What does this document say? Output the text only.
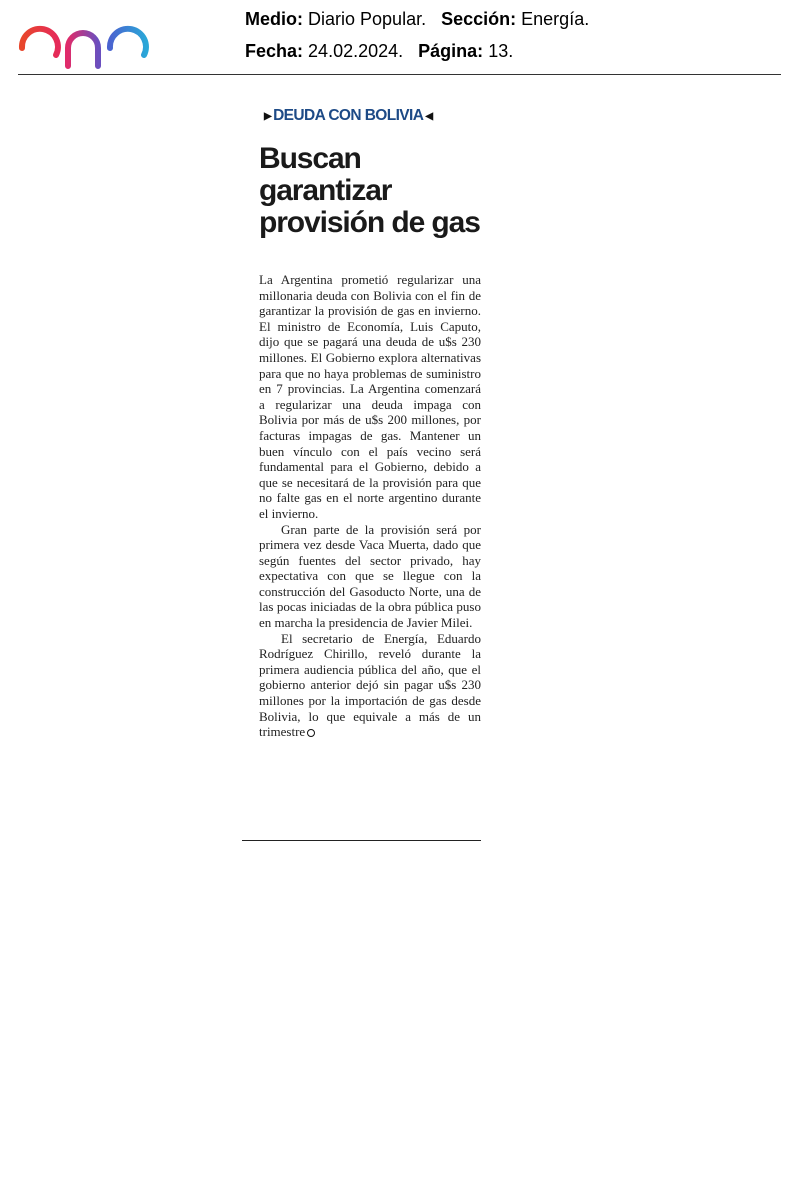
Medio: Diario Popular. Sección: Energía.
Fecha: 24.02.2024. Página: 13.
▶ DEUDA CON BOLIVIA ◀
Buscan
garantizar
provisión de gas

La Argentina prometió regularizar una millonaria deuda con Bolivia con el fin de garantizar la provisión de gas en invierno. El ministro de Economía, Luis Caputo, dijo que se pagará una deuda de u$s 230 millones. El Gobierno explora alternativas para que no haya problemas de suministro en 7 provincias. La Argentina comenzará a regularizar una deuda impaga con Bolivia por más de u$s 200 millones, por facturas impagas de gas. Mantener un buen vínculo con el país vecino será fundamental para el Gobierno, debido a que se necesitará de la provisión para que no falte gas en el norte argentino durante el invierno.

Gran parte de la provisión será por primera vez desde Vaca Muerta, dado que según fuentes del sector privado, hay expectativa con que se llegue con la construcción del Gasoducto Norte, una de las pocas iniciadas de la obra pública puso en marcha la presidencia de Javier Milei.

El secretario de Energía, Eduardo Rodríguez Chirillo, reveló durante la primera audiencia pública del año, que el gobierno anterior dejó sin pagar u$s 230 millones por la importación de gas desde Bolivia, lo que equivale a más de un trimestre
